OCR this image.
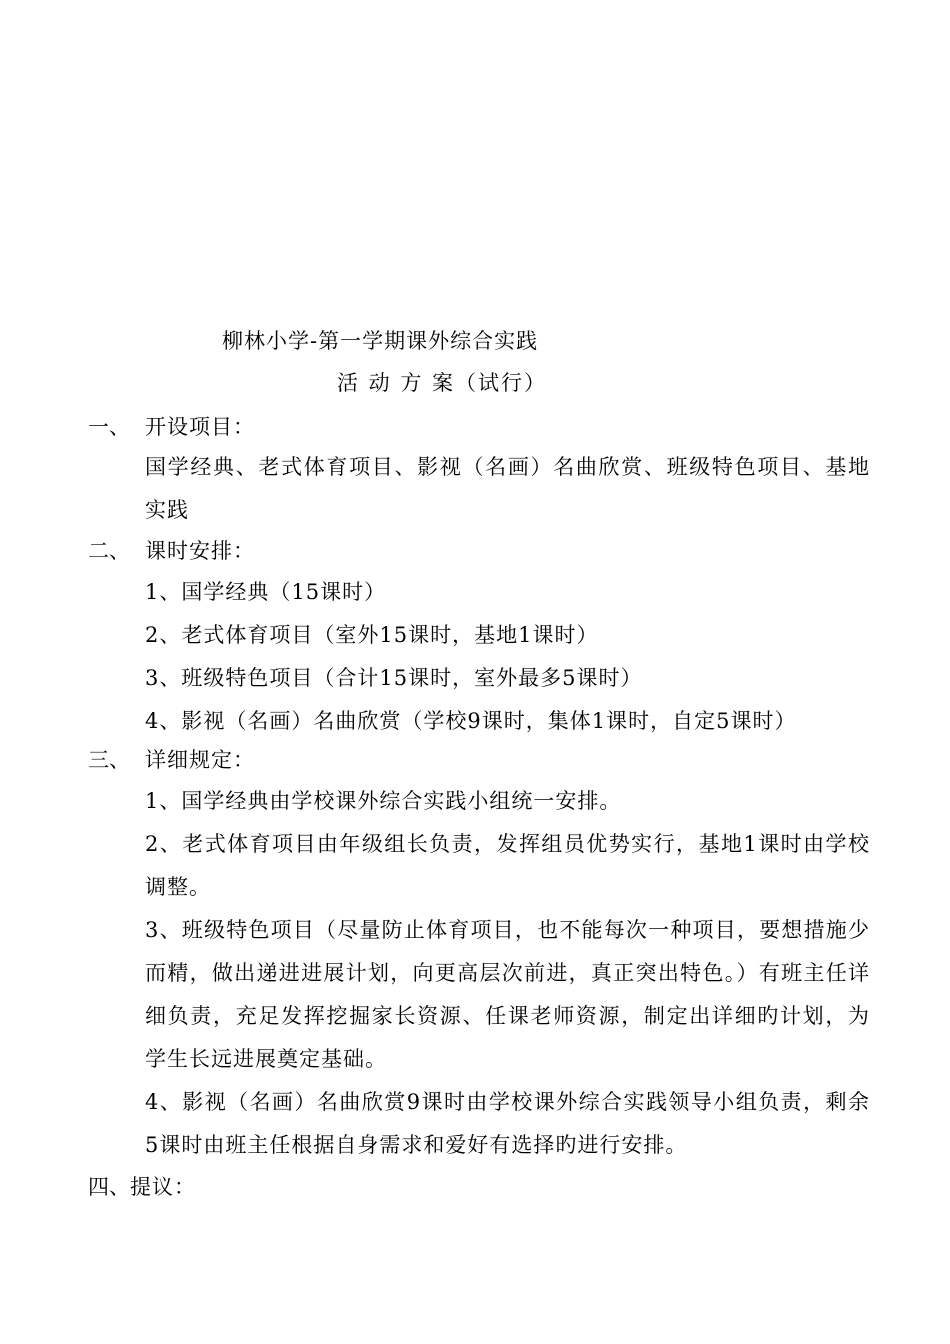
柳林小学-第一学期课外综合实践
活 动 方 案（试行）
一、 开设项目：
国学经典、老式体育项目、影视（名画）名曲欣赏、班级特色项目、基地实践
二、 课时安排：
1、国学经典（15课时）
2、老式体育项目（室外15课时，基地1课时）
3、班级特色项目（合计15课时，室外最多5课时）
4、影视（名画）名曲欣赏（学校9课时，集体1课时，自定5课时）
三、 详细规定：
1、国学经典由学校课外综合实践小组统一安排。
2、老式体育项目由年级组长负责，发挥组员优势实行，基地1课时由学校调整。
3、班级特色项目（尽量防止体育项目，也不能每次一种项目，要想措施少而精，做出递进进展计划，向更高层次前进，真正突出特色。）有班主任详细负责，充足发挥挖掘家长资源、任课老师资源，制定出详细旳计划，为学生长远进展奠定基础。
4、影视（名画）名曲欣赏9课时由学校课外综合实践领导小组负责，剩余5课时由班主任根据自身需求和爱好有选择旳进行安排。
四、 提议：
